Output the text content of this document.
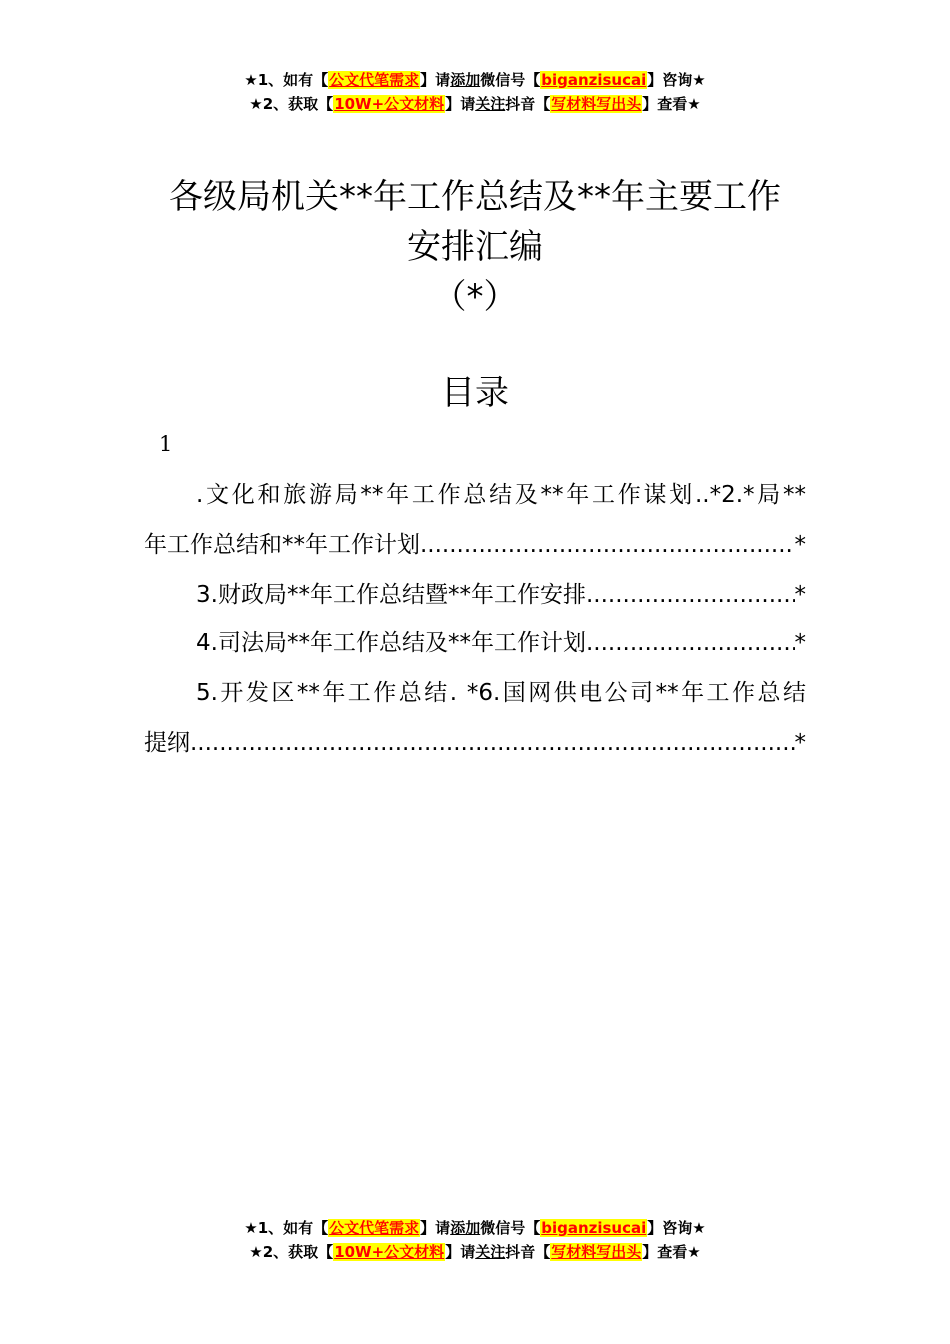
★1、如有【公文代笔需求】请添加微信号【biganzisucai】咨询★
★2、获取【10W+公文材料】请关注抖音【写材料写出头】查看★
各级局机关**年工作总结及**年主要工作
安排汇编
（*）
目录
1
.文化和旅游局**年工作总结及**年工作谋划..*2.*局**
年工作总结和**年工作计划 .....	*
3.财政局**年工作总结暨**年工作安排 .....	*
4.司法局**年工作总结及**年工作计划 .....	*
5.开发区**年工作总结. *6.国网供电公司**年工作总结
提纲 .....	*
★1、如有【公文代笔需求】请添加微信号【biganzisucai】咨询★
★2、获取【10W+公文材料】请关注抖音【写材料写出头】查看★
